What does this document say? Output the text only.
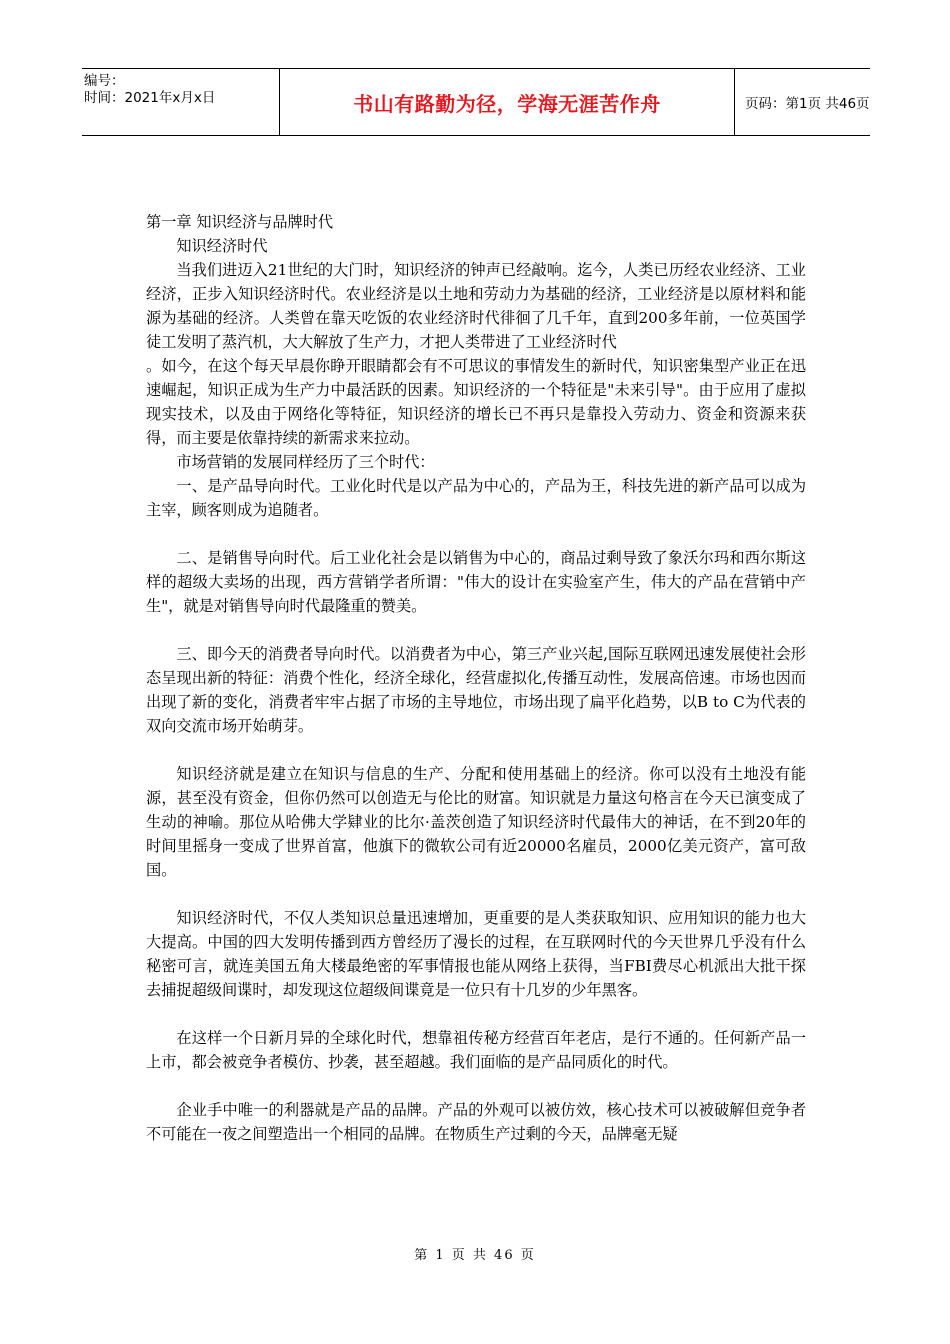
编号：
时间：2021年x月x日	书山有路勤为径，学海无涯苦作舟	页码：第1页 共46页

第一章 知识经济与品牌时代

知识经济时代

当我们进迈入21世纪的大门时，知识经济的钟声已经敲响。迄今，人类已历经农业经济、工业经济，正步入知识经济时代。农业经济是以土地和劳动力为基础的经济，工业经济是以原材料和能源为基础的经济。人类曾在靠天吃饭的农业经济时代徘徊了几千年，直到200多年前，一位英国学徒工发明了蒸汽机，大大解放了生产力，才把人类带进了工业经济时代

。如今，在这个每天早晨你睁开眼睛都会有不可思议的事情发生的新时代，知识密集型产业正在迅速崛起，知识正成为生产力中最活跃的因素。知识经济的一个特征是"未来引导"。由于应用了虚拟现实技术，以及由于网络化等特征，知识经济的增长已不再只是靠投入劳动力、资金和资源来获得，而主要是依靠持续的新需求来拉动。

市场营销的发展同样经历了三个时代：

一、是产品导向时代。工业化时代是以产品为中心的，产品为王，科技先进的新产品可以成为主宰，顾客则成为追随者。

二、是销售导向时代。后工业化社会是以销售为中心的，商品过剩导致了象沃尔玛和西尔斯这样的超级大卖场的出现，西方营销学者所谓："伟大的设计在实验室产生，伟大的产品在营销中产生"，就是对销售导向时代最隆重的赞美。

三、即今天的消费者导向时代。以消费者为中心，第三产业兴起,国际互联网迅速发展使社会形态呈现出新的特征：消费个性化，经济全球化，经营虚拟化,传播互动性，发展高倍速。市场也因而出现了新的变化，消费者牢牢占据了市场的主导地位，市场出现了扁平化趋势，以B to C为代表的双向交流市场开始萌芽。

知识经济就是建立在知识与信息的生产、分配和使用基础上的经济。你可以没有土地没有能源，甚至没有资金，但你仍然可以创造无与伦比的财富。知识就是力量这句格言在今天已演变成了生动的神喻。那位从哈佛大学肄业的比尔·盖茨创造了知识经济时代最伟大的神话，在不到20年的时间里摇身一变成了世界首富，他旗下的微软公司有近20000名雇员，2000亿美元资产，富可敌国。

知识经济时代，不仅人类知识总量迅速增加，更重要的是人类获取知识、应用知识的能力也大大提高。中国的四大发明传播到西方曾经历了漫长的过程，在互联网时代的今天世界几乎没有什么秘密可言，就连美国五角大楼最绝密的军事情报也能从网络上获得，当FBI费尽心机派出大批干探去捕捉超级间谍时，却发现这位超级间谍竟是一位只有十几岁的少年黑客。

在这样一个日新月异的全球化时代，想靠祖传秘方经营百年老店，是行不通的。任何新产品一上市，都会被竞争者模仿、抄袭，甚至超越。我们面临的是产品同质化的时代。

企业手中唯一的利器就是产品的品牌。产品的外观可以被仿效，核心技术可以被破解但竞争者不可能在一夜之间塑造出一个相同的品牌。在物质生产过剩的今天，品牌毫无疑

第 1 页 共 46 页
